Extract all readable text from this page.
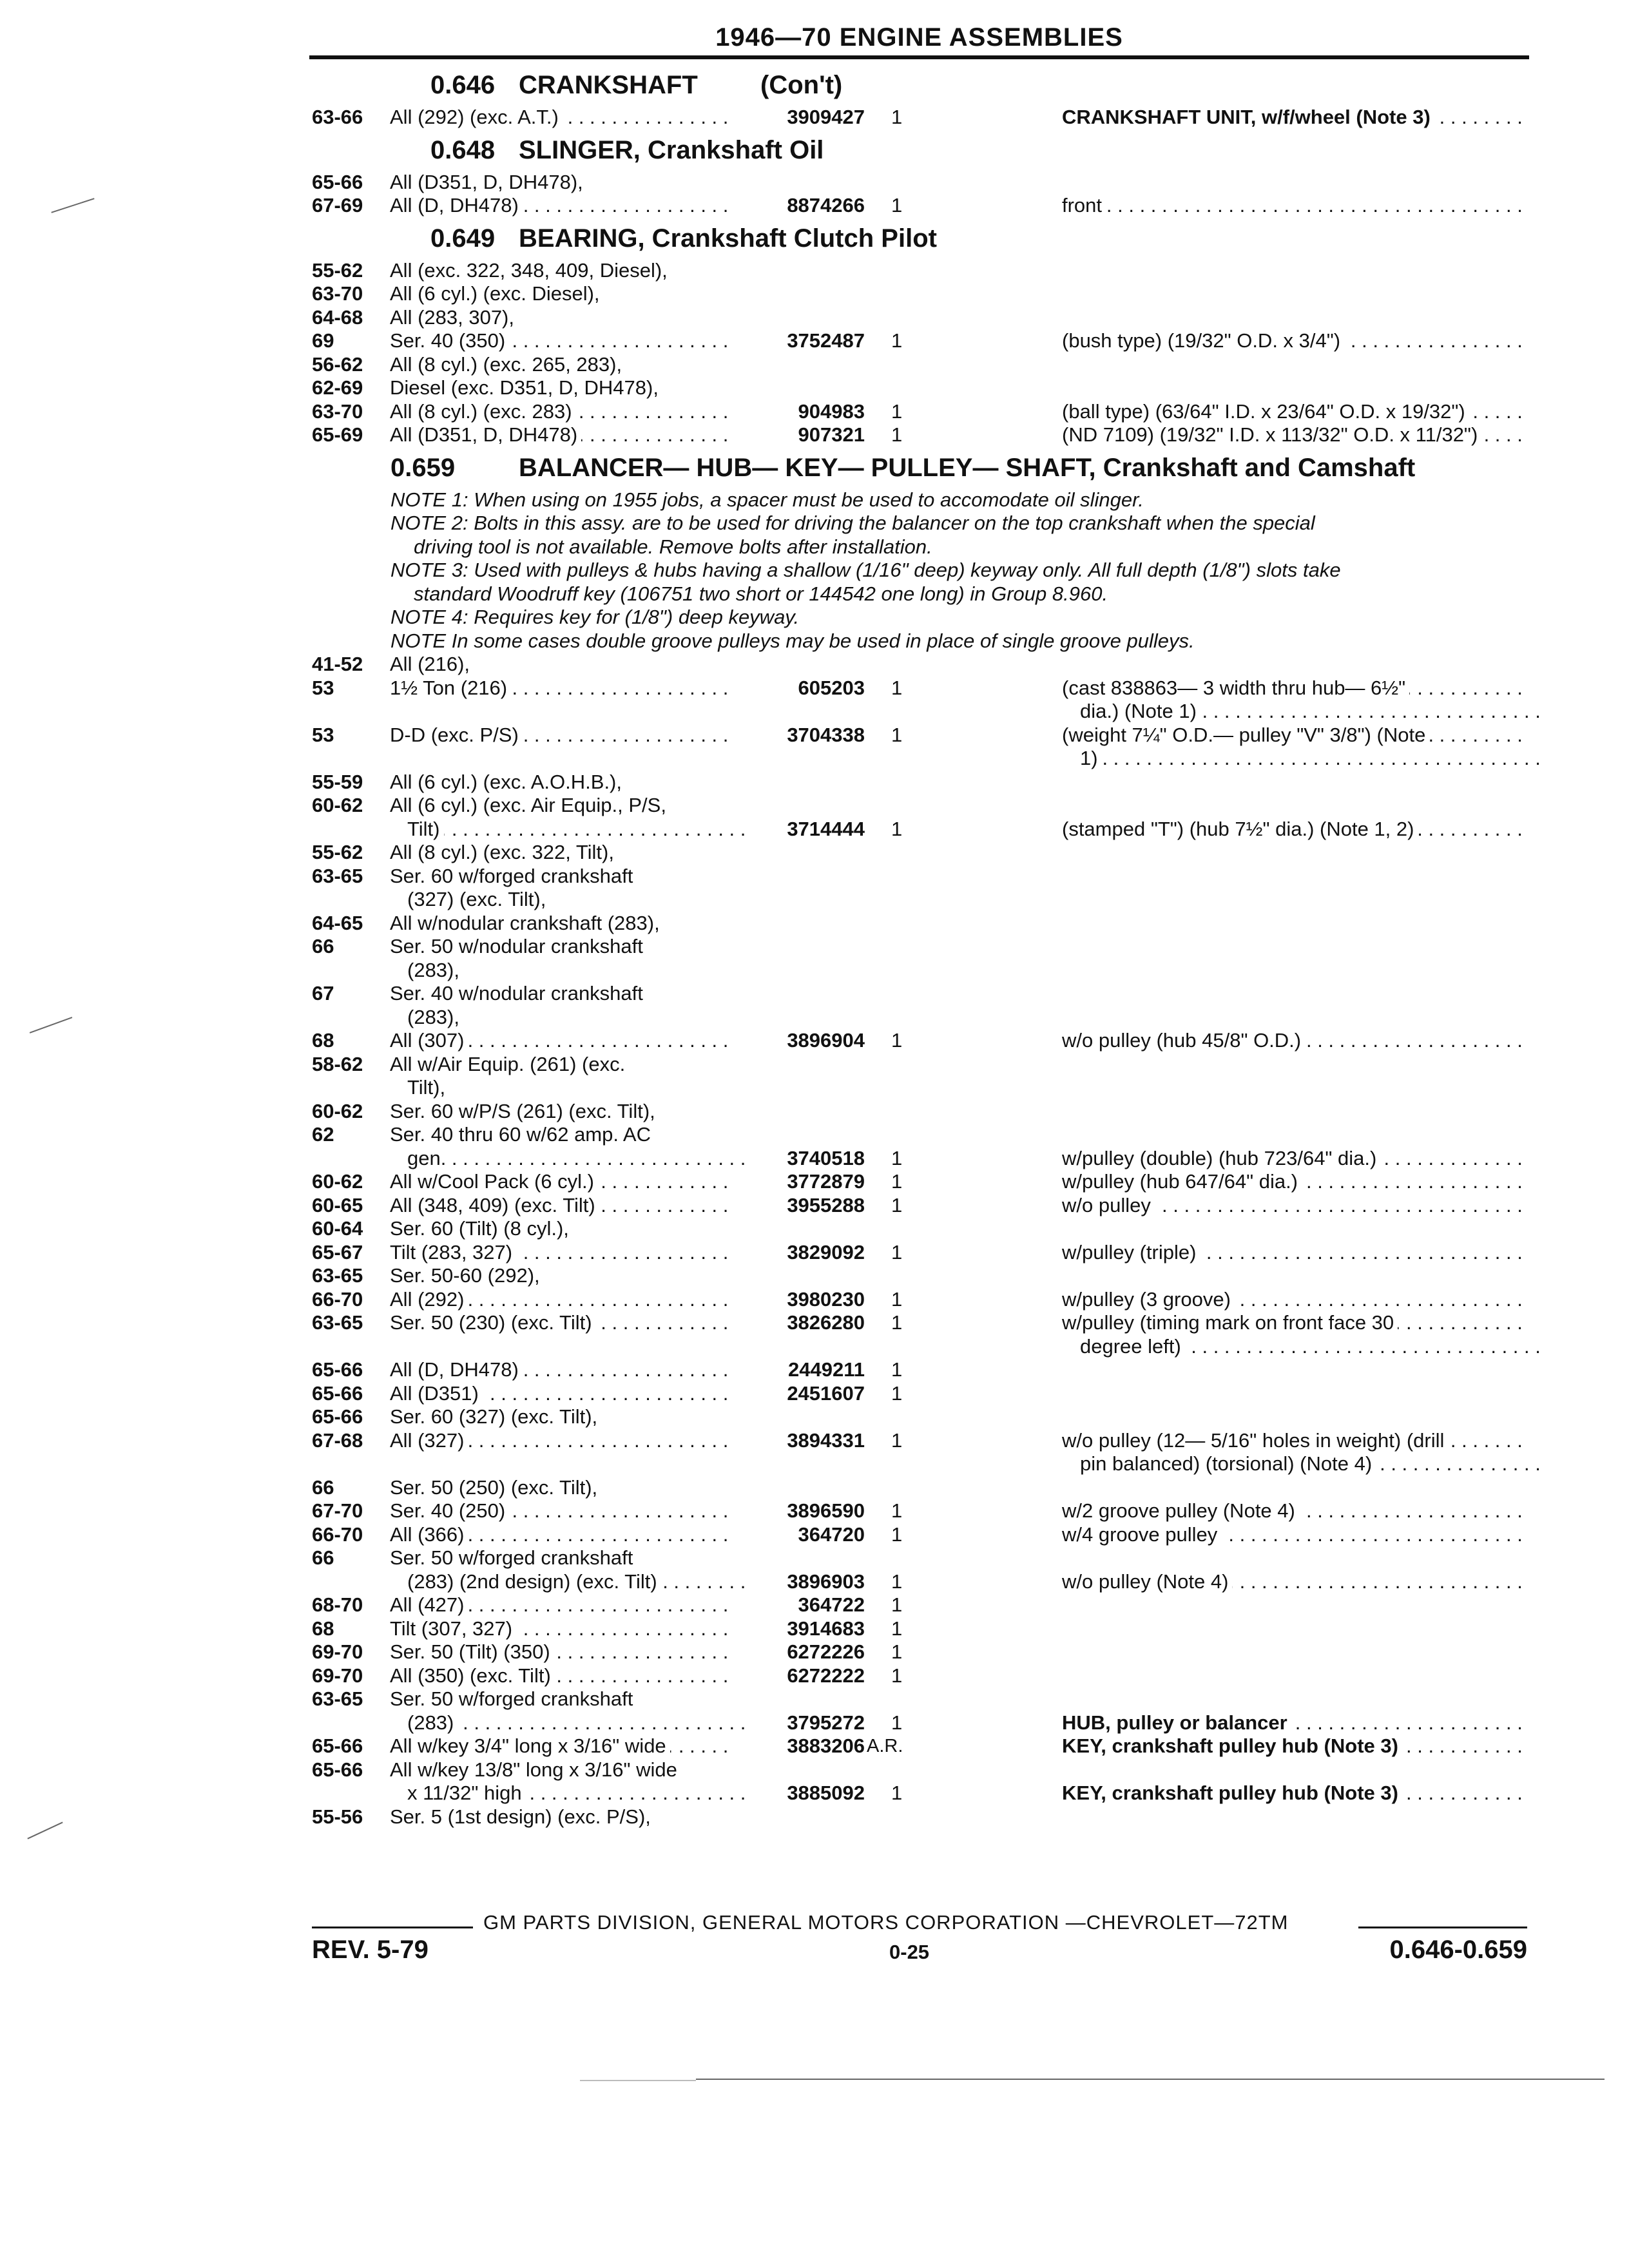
1946—70 ENGINE ASSEMBLIES
0.646 CRANKSHAFT (Con't)
63-66	All (292) (exc. A.T.) . . .	3909427 1	CRANKSHAFT UNIT, w/f/wheel (Note 3) . . .
0.648 SLINGER, Crankshaft Oil
65-66	All (D351, D, DH478),
67-69	All (D, DH478) . . .	8874266 1	front . . .
0.649 BEARING, Crankshaft Clutch Pilot
55-62	All (exc. 322, 348, 409, Diesel),
63-70	All (6 cyl.) (exc. Diesel),
64-68	All (283, 307),
69	Ser. 40 (350) . . .	3752487 1	(bush type) (19/32" O.D. x 3/4") . . .
56-62	All (8 cyl.) (exc. 265, 283),
62-69	Diesel (exc. D351, D, DH478),
63-70	All (8 cyl.) (exc. 283) . . .	904983 1	(ball type) (63/64" I.D. x 23/64" O.D. x 19/32") . . .
65-69	All (D351, D, DH478) . . .	907321 1	(ND 7109) (19/32" I.D. x 113/32" O.D. x 11/32") . . .
0.659 BALANCER— HUB— KEY— PULLEY— SHAFT, Crankshaft and Camshaft
NOTE 1: When using on 1955 jobs, a spacer must be used to accomodate oil slinger.
NOTE 2: Bolts in this assy. are to be used for driving the balancer on the top crankshaft when the special
driving tool is not available. Remove bolts after installation.
NOTE 3: Used with pulleys & hubs having a shallow (1/16" deep) keyway only. All full depth (1/8") slots take
standard Woodruff key (106751 two short or 144542 one long) in Group 8.960.
NOTE 4: Requires key for (1/8") deep keyway.
NOTE In some cases double groove pulleys may be used in place of single groove pulleys.
41-52	All (216),
53	1½ Ton (216) . . .	605203 1	(cast 838863— 3 width thru hub— 6½" . . .
dia.) (Note 1) . . .
53	D-D (exc. P/S) . . .	3704338 1	(weight 7¼" O.D.— pulley "V" 3/8") (Note . . .
1) . . .
55-59	All (6 cyl.) (exc. A.O.H.B.),
60-62	All (6 cyl.) (exc. Air Equip., P/S,
Tilt) . . .	3714444 1	(stamped "T") (hub 7½" dia.) (Note 1, 2) . . .
55-62	All (8 cyl.) (exc. 322, Tilt),
63-65	Ser. 60 w/forged crankshaft
(327) (exc. Tilt),
64-65	All w/nodular crankshaft (283),
66	Ser. 50 w/nodular crankshaft
(283),
67	Ser. 40 w/nodular crankshaft
(283),
68	All (307) . . .	3896904 1	w/o pulley (hub 45/8" O.D.) . . .
58-62	All w/Air Equip. (261) (exc.
Tilt),
60-62	Ser. 60 w/P/S (261) (exc. Tilt),
62	Ser. 40 thru 60 w/62 amp. AC
gen. . . .	3740518 1	w/pulley (double) (hub 723/64" dia.) . . .
60-62	All w/Cool Pack (6 cyl.) . . .	3772879 1	w/pulley (hub 647/64" dia.) . . .
60-65	All (348, 409) (exc. Tilt) . . .	3955288 1	w/o pulley . . .
60-64	Ser. 60 (Tilt) (8 cyl.),
65-67	Tilt (283, 327) . . .	3829092 1	w/pulley (triple) . . .
63-65	Ser. 50-60 (292),
66-70	All (292) . . .	3980230 1	w/pulley (3 groove) . . .
63-65	Ser. 50 (230) (exc. Tilt) . . .	3826280 1	w/pulley (timing mark on front face 30 . . .
degree left) . . .
65-66	All (D, DH478) . . .	2449211 1
65-66	All (D351) . . .	2451607 1
65-66	Ser. 60 (327) (exc. Tilt),
67-68	All (327) . . .	3894331 1	w/o pulley (12— 5/16" holes in weight) (drill . . .
pin balanced) (torsional) (Note 4) . . .
66	Ser. 50 (250) (exc. Tilt),
67-70	Ser. 40 (250) . . .	3896590 1	w/2 groove pulley (Note 4) . . .
66-70	All (366) . . .	364720 1	w/4 groove pulley . . .
66	Ser. 50 w/forged crankshaft
(283) (2nd design) (exc. Tilt) . . .	3896903 1	w/o pulley (Note 4) . . .
68-70	All (427) . . .	364722 1
68	Tilt (307, 327) . . .	3914683 1
69-70	Ser. 50 (Tilt) (350) . . .	6272226 1
69-70	All (350) (exc. Tilt) . . .	6272222 1
63-65	Ser. 50 w/forged crankshaft
(283) . . .	3795272 1	HUB, pulley or balancer . . .
65-66	All w/key 3/4" long x 3/16" wide . . .	3883206 A.R.	KEY, crankshaft pulley hub (Note 3) . . .
65-66	All w/key 13/8" long x 3/16" wide
x 11/32" high . . .	3885092 1	KEY, crankshaft pulley hub (Note 3) . . .
55-56	Ser. 5 (1st design) (exc. P/S),
GM PARTS DIVISION, GENERAL MOTORS CORPORATION —CHEVROLET—72TM
REV. 5-79	0-25	0.646-0.659
